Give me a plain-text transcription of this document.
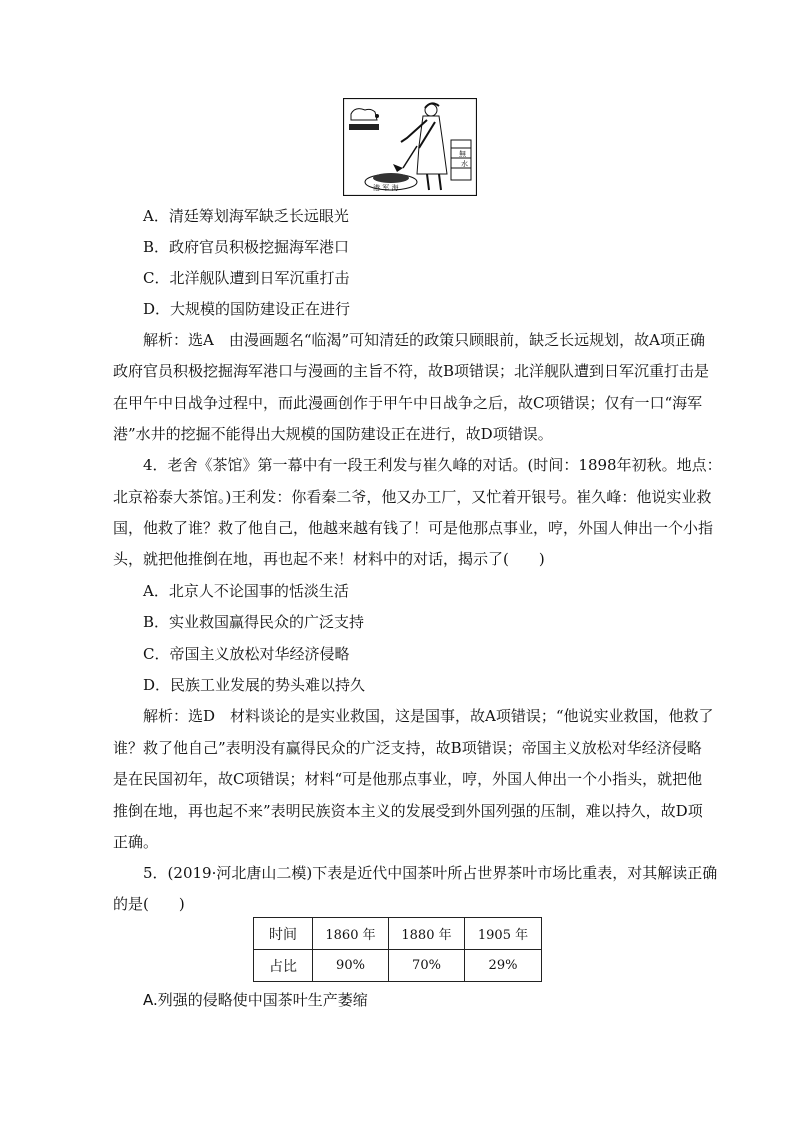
港 军 海
無
水
A．清廷筹划海军缺乏长远眼光
B．政府官员积极挖掘海军港口
C．北洋舰队遭到日军沉重打击
D．大规模的国防建设正在进行
解析：选A　由漫画题名“临渴”可知清廷的政策只顾眼前，缺乏长远规划，故A项正确
政府官员积极挖掘海军港口与漫画的主旨不符，故B项错误；北洋舰队遭到日军沉重打击是
在甲午中日战争过程中，而此漫画创作于甲午中日战争之后，故C项错误；仅有一口“海军
港”水井的挖掘不能得出大规模的国防建设正在进行，故D项错误。
4．老舍《茶馆》第一幕中有一段王利发与崔久峰的对话。(时间：1898年初秋。地点：
北京裕泰大茶馆。)王利发：你看秦二爷，他又办工厂，又忙着开银号。崔久峰：他说实业救
国，他救了谁？救了他自己，他越来越有钱了！可是他那点事业，哼，外国人伸出一个小指
头，就把他推倒在地，再也起不来！材料中的对话，揭示了(　　)
A．北京人不论国事的恬淡生活
B．实业救国赢得民众的广泛支持
C．帝国主义放松对华经济侵略
D．民族工业发展的势头难以持久
解析：选D　材料谈论的是实业救国，这是国事，故A项错误；“他说实业救国，他救了
谁？救了他自己”表明没有赢得民众的广泛支持，故B项错误；帝国主义放松对华经济侵略
是在民国初年，故C项错误；材料“可是他那点事业，哼，外国人伸出一个小指头，就把他
推倒在地，再也起不来”表明民族资本主义的发展受到外国列强的压制，难以持久，故D项
正确。
5．(2019·河北唐山二模)下表是近代中国茶叶所占世界茶叶市场比重表，对其解读正确
的是(　　)
时间	1860 年	1880 年	1905 年
占比	90%	70%	29%
A.列强的侵略使中国茶叶生产萎缩
